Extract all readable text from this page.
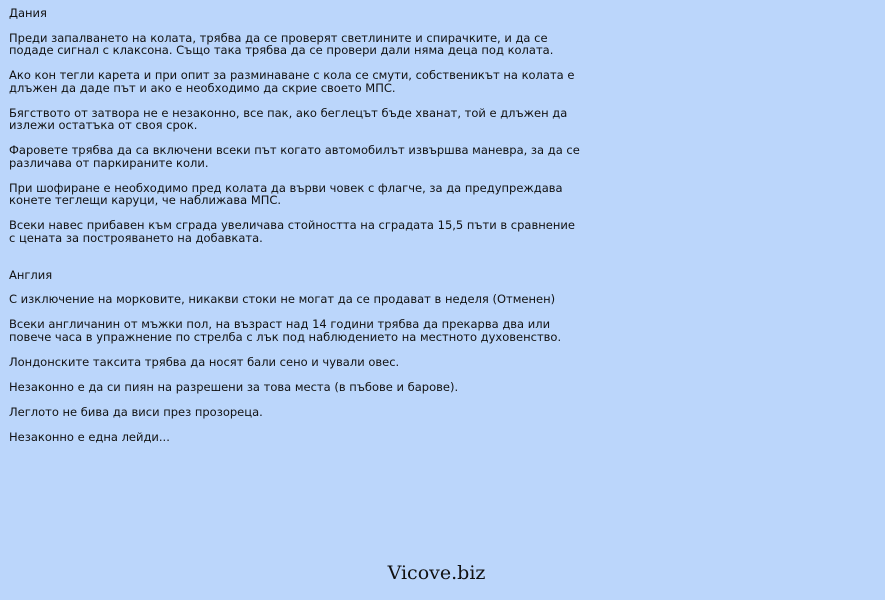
Дания
Преди запалването на колата, трябва да се проверят светлините и спирачките, и да се подаде сигнал с клаксона. Също така трябва да се провери дали няма деца под колата.
Ако кон тегли карета и при опит за разминаване с кола се смути, собственикът на колата е длъжен да даде път и ако е необходимо да скрие своето МПС.
Бягството от затвора не е незаконно, все пак, ако беглецът бъде хванат, той е длъжен да излежи остатъка от своя срок.
Фаровете трябва да са включени всеки път когато автомобилът извършва маневра, за да се различава от паркираните коли.
При шофиране е необходимо пред колата да върви човек с флагче, за да предупреждава конете теглещи каруци, че наближава МПС.
Всеки навес прибавен към сграда увеличава стойността на сградата 15,5 пъти в сравнение с цената за построяването на добавката.
Англия
С изключение на морковите, никакви стоки не могат да се продават в неделя (Отменен)
Всеки англичанин от мъжки пол, на възраст над 14 години трябва да прекарва два или повече часа в упражнение по стрелба с лък под наблюдението на местното духовенство.
Лондонските таксита трябва да носят бали сено и чували овес.
Незаконно е да си пиян на разрешени за това места (в пъбове и барове).
Леглото не бива да виси през прозореца.
Незаконно е една лейди...
Vicove.biz
